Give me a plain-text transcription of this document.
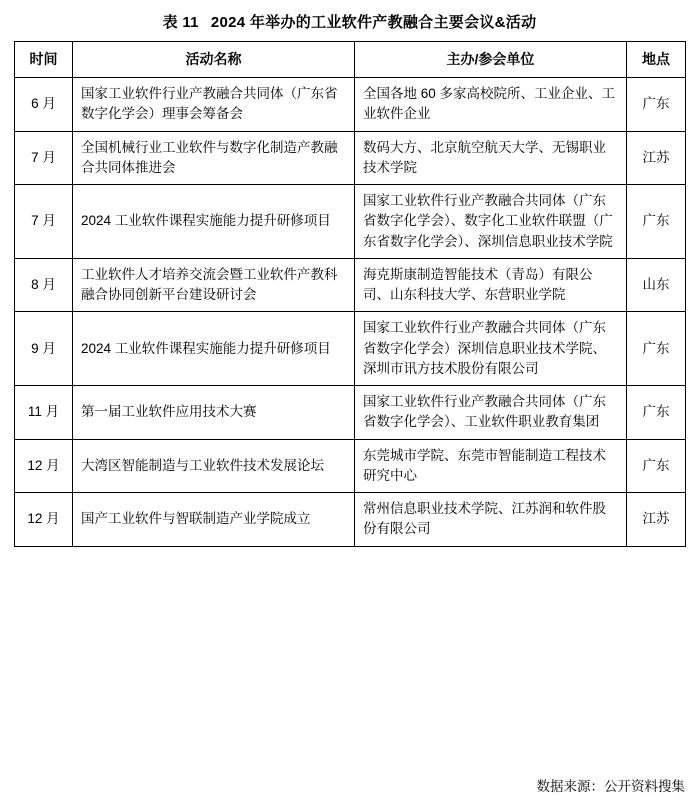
表 11 2024 年举办的工业软件产教融合主要会议&活动
时间	活动名称	主办/参会单位	地点
6 月	国家工业软件行业产教融合共同体（广东省数字化学会）理事会筹备会	全国各地 60 多家高校院所、工业企业、工业软件企业	广东
7 月	全国机械行业工业软件与数字化制造产教融合共同体推进会	数码大方、北京航空航天大学、无锡职业技术学院	江苏
7 月	2024 工业软件课程实施能力提升研修项目	国家工业软件行业产教融合共同体（广东省数字化学会）、数字化工业软件联盟（广东省数字化学会）、深圳信息职业技术学院	广东
8 月	工业软件人才培养交流会暨工业软件产教科融合协同创新平台建设研讨会	海克斯康制造智能技术（青岛）有限公司、山东科技大学、东营职业学院	山东
9 月	2024 工业软件课程实施能力提升研修项目	国家工业软件行业产教融合共同体（广东省数字化学会）深圳信息职业技术学院、深圳市讯方技术股份有限公司	广东
11 月	第一届工业软件应用技术大赛	国家工业软件行业产教融合共同体（广东省数字化学会）、工业软件职业教育集团	广东
12 月	大湾区智能制造与工业软件技术发展论坛	东莞城市学院、东莞市智能制造工程技术研究中心	广东
12 月	国产工业软件与智联制造产业学院成立	常州信息职业技术学院、江苏润和软件股份有限公司	江苏
数据来源：公开资料搜集
